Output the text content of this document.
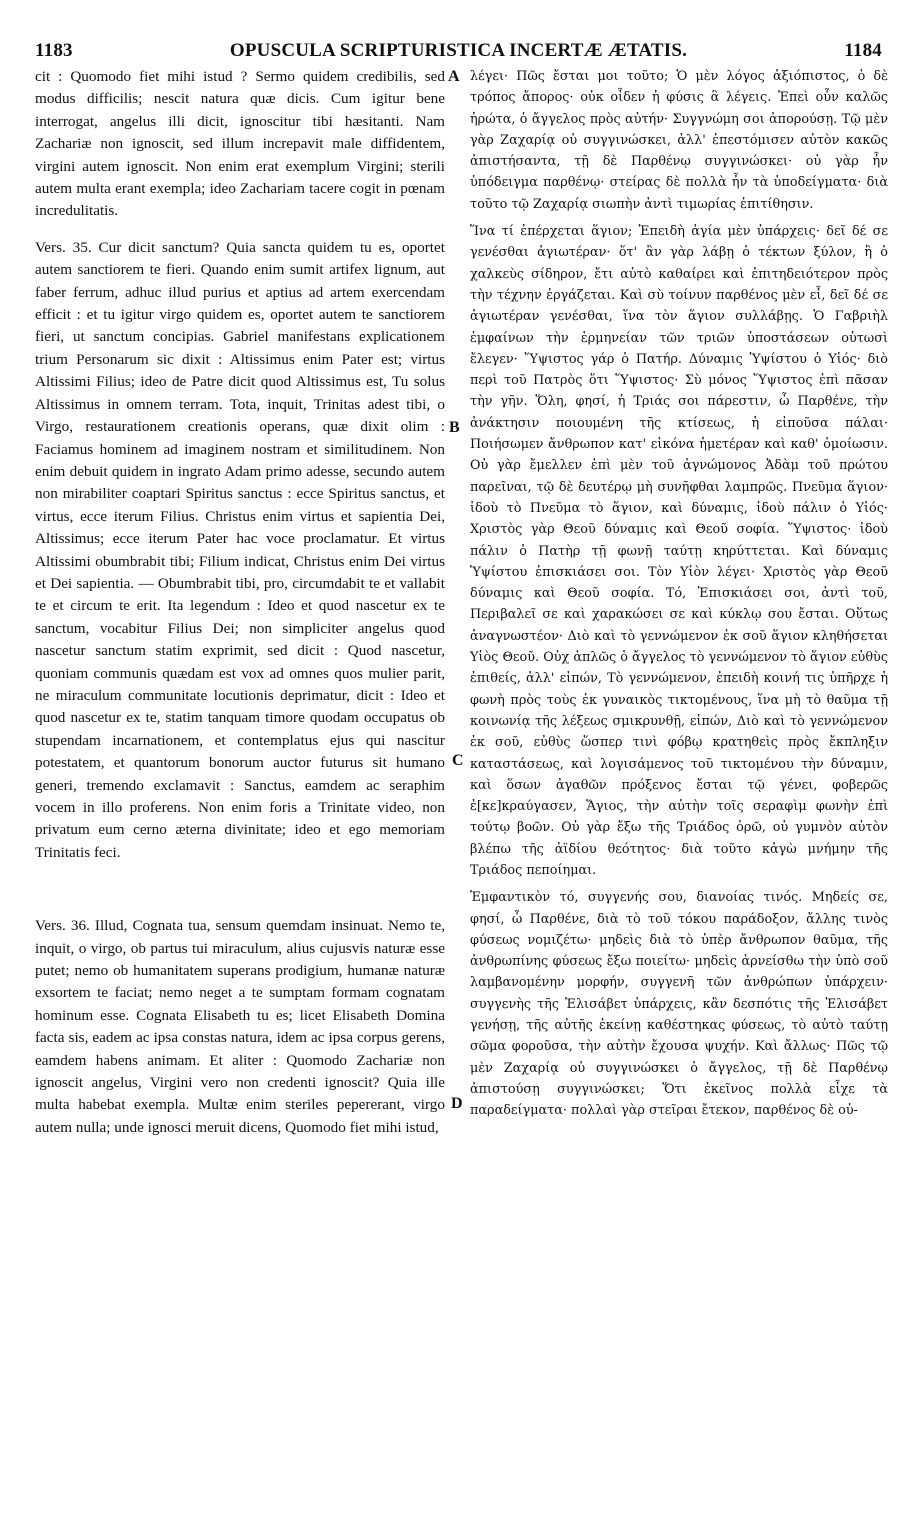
1183	OPUSCULA SCRIPTURISTICA INCERTÆ ÆTATIS.	1184

cit : Quomodo fiet mihi istud ? Sermo quidem credibilis, sed modus difficilis; nescit natura quæ dicis. Cum igitur bene interrogat, angelus illi dicit, ignoscitur tibi hæsitanti. Nam Zachariæ non ignoscit, sed illum increpavit male diffidentem, virgini autem ignoscit. Non enim erat exemplum Virgini; sterili autem multa erant exempla; ideo Zachariam tacere cogit in pœnam incredulitatis.

Vers. 35. Cur dicit sanctum? Quia sancta quidem tu es, oportet autem sanctiorem te fieri. Quando enim sumit artifex lignum, aut faber ferrum, adhuc illud purius et aptius ad artem exercendam efficit : et tu igitur virgo quidem es, oportet autem te sanctiorem fieri, ut sanctum concipias. Gabriel manifestans explicationem trium Personarum sic dixit : Altissimus enim Pater est; virtus Altissimi Filius; ideo de Patre dicit quod Altissimus est, Tu solus Altissimus in omnem terram. Tota, inquit, Trinitas adest tibi, o Virgo, restaurationem creationis operans, quæ dixit olim : Faciamus hominem ad imaginem nostram et similitudinem. Non enim debuit quidem in ingrato Adam primo adesse, secundo autem non mirabiliter coaptari Spiritus sanctus : ecce Spiritus sanctus, et virtus, ecce iterum Filius. Christus enim virtus et sapientia Dei, Altissimus; ecce iterum Pater hac voce proclamatur. Et virtus Altissimi obumbrabit tibi; Filium indicat, Christus enim Dei virtus et Dei sapientia. — Obumbrabit tibi, pro, circumdabit te et vallabit te et circum te erit. Ita legendum : Ideo et quod nascetur ex te sanctum, vocabitur Filius Dei; non simpliciter angelus quod nascetur sanctum statim exprimit, sed dicit : Quod nascetur, quoniam communis quædam est vox ad omnes quos mulier parit, ne miraculum communitate locutionis deprimatur, dicit : Ideo et quod nascetur ex te, statim tanquam timore quodam occupatus ob stupendam incarnationem, et contemplatus ejus qui nascitur potestatem, et quantorum bonorum auctor futurus sit humano generi, tremendo exclamavit : Sanctus, eamdem ac seraphim vocem in illo proferens. Non enim foris a Trinitate video, non privatum eum cerno æterna divinitate; ideo et ego memoriam Trinitatis feci.

Vers. 36. Illud, Cognata tua, sensum quemdam insinuat. Nemo te, inquit, o virgo, ob partus tui miraculum, alius cujusvis naturæ esse putet; nemo ob humanitatem superans prodigium, humanæ naturæ exsortem te faciat; nemo neget a te sumptam formam cognatam hominum esse. Cognata Elisabeth tu es; licet Elisabeth Domina facta sis, eadem ac ipsa constas natura, idem ac ipsa corpus gerens, eamdem habens animam. Et aliter : Quomodo Zachariæ non ignoscit angelus, Virgini vero non credenti ignoscit? Quia ille multa habebat exempla. Multæ enim steriles pepererant, virgo autem nulla; unde ignosci meruit dicens, Quomodo fiet mihi istud,

λέγει· Πῶς ἔσται μοι τοῦτο; Ὁ μὲν λόγος ἀξιόπιστος, ὁ δὲ τρόπος ἄπορος· οὐκ οἶδεν ἡ φύσις ἃ λέγεις. Ἐπεὶ οὖν καλῶς ἠρώτα, ὁ ἄγγελος πρὸς αὐτήν· Συγγνώμη σοι ἀπορούσῃ. Τῷ μὲν γὰρ Ζαχαρίᾳ οὐ συγγινώσκει, ἀλλ' ἐπεστόμισεν αὐτὸν κακῶς ἀπιστήσαντα, τῇ δὲ Παρθένῳ συγγινώσκει· οὐ γὰρ ἦν ὑπόδειγμα παρθένῳ· στείρας δὲ πολλὰ ἦν τὰ ὑποδείγματα· διὰ τοῦτο τῷ Ζαχαρίᾳ σιωπὴν ἀντὶ τιμωρίας ἐπιτίθησιν.

Ἵνα τί ἐπέρχεται ἅγιον; Ἐπειδὴ ἁγία μὲν ὑπάρχεις· δεῖ δέ σε γενέσθαι ἁγιωτέραν· ὅτ' ἂν γὰρ λάβῃ ὁ τέκτων ξύλον, ἢ ὁ χαλκεὺς σίδηρον, ἔτι αὐτὸ καθαίρει καὶ ἐπιτηδειότερον πρὸς τὴν τέχνην ἐργάζεται. Καὶ σὺ τοίνυν παρθένος μὲν εἶ, δεῖ δέ σε ἁγιωτέραν γενέσθαι, ἵνα τὸν ἅγιον συλλάβῃς. Ὁ Γαβριὴλ ἐμφαίνων τὴν ἑρμηνείαν τῶν τριῶν ὑποστάσεων οὑτωσὶ ἔλεγεν· Ὕψιστος γάρ ὁ Πατήρ. Δύναμις Ὑψίστου ὁ Υἱός· διὸ περὶ τοῦ Πατρὸς ὅτι Ὕψιστος· Σὺ μόνος Ὕψιστος ἐπὶ πᾶσαν τὴν γῆν. Ὅλη, φησί, ἡ Τριάς σοι πάρεστιν, ὦ Παρθένε, τὴν ἀνάκτησιν ποιουμένη τῆς κτίσεως, ἡ εἰποῦσα πάλαι· Ποιήσωμεν ἄνθρωπον κατ' εἰκόνα ἡμετέραν καὶ καθ' ὁμοίωσιν. Οὐ γὰρ ἔμελλεν ἐπὶ μὲν τοῦ ἀγνώμονος Ἀδὰμ τοῦ πρώτου παρεῖναι, τῷ δὲ δευτέρῳ μὴ συνῆφθαι λαμπρῶς. Πνεῦμα ἅγιον· ἰδοὺ τὸ Πνεῦμα τὸ ἅγιον, καὶ δύναμις, ἰδοὺ πάλιν ὁ Υἱός· Χριστὸς γὰρ Θεοῦ δύναμις καὶ Θεοῦ σοφία. Ὕψιστος· ἰδοὺ πάλιν ὁ Πατὴρ τῇ φωνῇ ταύτῃ κηρύττεται. Καὶ δύναμις Ὑψίστου ἐπισκιάσει σοι. Τὸν Υἱὸν λέγει· Χριστὸς γὰρ Θεοῦ δύναμις καὶ Θεοῦ σοφία. Τό, Ἐπισκιάσει σοι, ἀντὶ τοῦ, Περιβαλεῖ σε καὶ χαρακώσει σε καὶ κύκλῳ σου ἔσται. Οὕτως ἀναγνωστέον· Διὸ καὶ τὸ γεννώμενον ἐκ σοῦ ἅγιον κληθήσεται Υἱὸς Θεοῦ. Οὐχ ἁπλῶς ὁ ἄγγελος τὸ γεννώμενον τὸ ἅγιον εὐθὺς ἐπιθείς, ἀλλ' εἰπών, Τὸ γεννώμενον, ἐπειδὴ κοινή τις ὑπῆρχε ἡ φωνὴ πρὸς τοὺς ἐκ γυναικὸς τικτομένους, ἵνα μὴ τὸ θαῦμα τῇ κοινωνίᾳ τῆς λέξεως σμικρυνθῇ, εἰπών, Διὸ καὶ τὸ γεννώμενον ἐκ σοῦ, εὐθὺς ὥσπερ τινὶ φόβῳ κρατηθεὶς πρὸς ἔκπληξιν καταστάσεως, καὶ λογισάμενος τοῦ τικτομένου τὴν δύναμιν, καὶ ὅσων ἀγαθῶν πρόξενος ἔσται τῷ γένει, φοβερῶς ἐ[κε]κραύγασεν, Ἅγιος, τὴν αὐτὴν τοῖς σεραφὶμ φωνὴν ἐπὶ τούτῳ βοῶν. Οὐ γὰρ ἔξω τῆς Τριάδος ὁρῶ, οὐ γυμνὸν αὐτὸν βλέπω τῆς ἀϊδίου θεότητος· διὰ τοῦτο κἀγὼ μνήμην τῆς Τριάδος πεποίημαι.

Ἐμφαντικὸν τό, συγγενής σου, διανοίας τινός. Μηδείς σε, φησί, ὦ Παρθένε, διὰ τὸ τοῦ τόκου παράδοξον, ἄλλης τινὸς φύσεως νομιζέτω· μηδεὶς διὰ τὸ ὑπὲρ ἄνθρωπον θαῦμα, τῆς ἀνθρωπίνης φύσεως ἔξω ποιείτω· μηδεὶς ἀρνείσθω τὴν ὑπὸ σοῦ λαμβανομένην μορφήν, συγγενῆ τῶν ἀνθρώπων ὑπάρχειν· συγγενὴς τῆς Ἐλισάβετ ὑπάρχεις, κἂν δεσπότις τῆς Ἐλισάβετ γενήσῃ, τῆς αὐτῆς ἐκείνῃ καθέστηκας φύσεως, τὸ αὐτὸ ταύτῃ σῶμα φοροῦσα, τὴν αὐτὴν ἔχουσα ψυχήν. Καὶ ἄλλως· Πῶς τῷ μὲν Ζαχαρίᾳ οὐ συγγινώσκει ὁ ἄγγελος, τῇ δὲ Παρθένῳ ἀπιστούσῃ συγγινώσκει; Ὅτι ἐκεῖνος πολλὰ εἶχε τὰ παραδείγματα· πολλαὶ γὰρ στεῖραι ἔτεκον, παρθένος δὲ οὐ-

A
B
C
D
